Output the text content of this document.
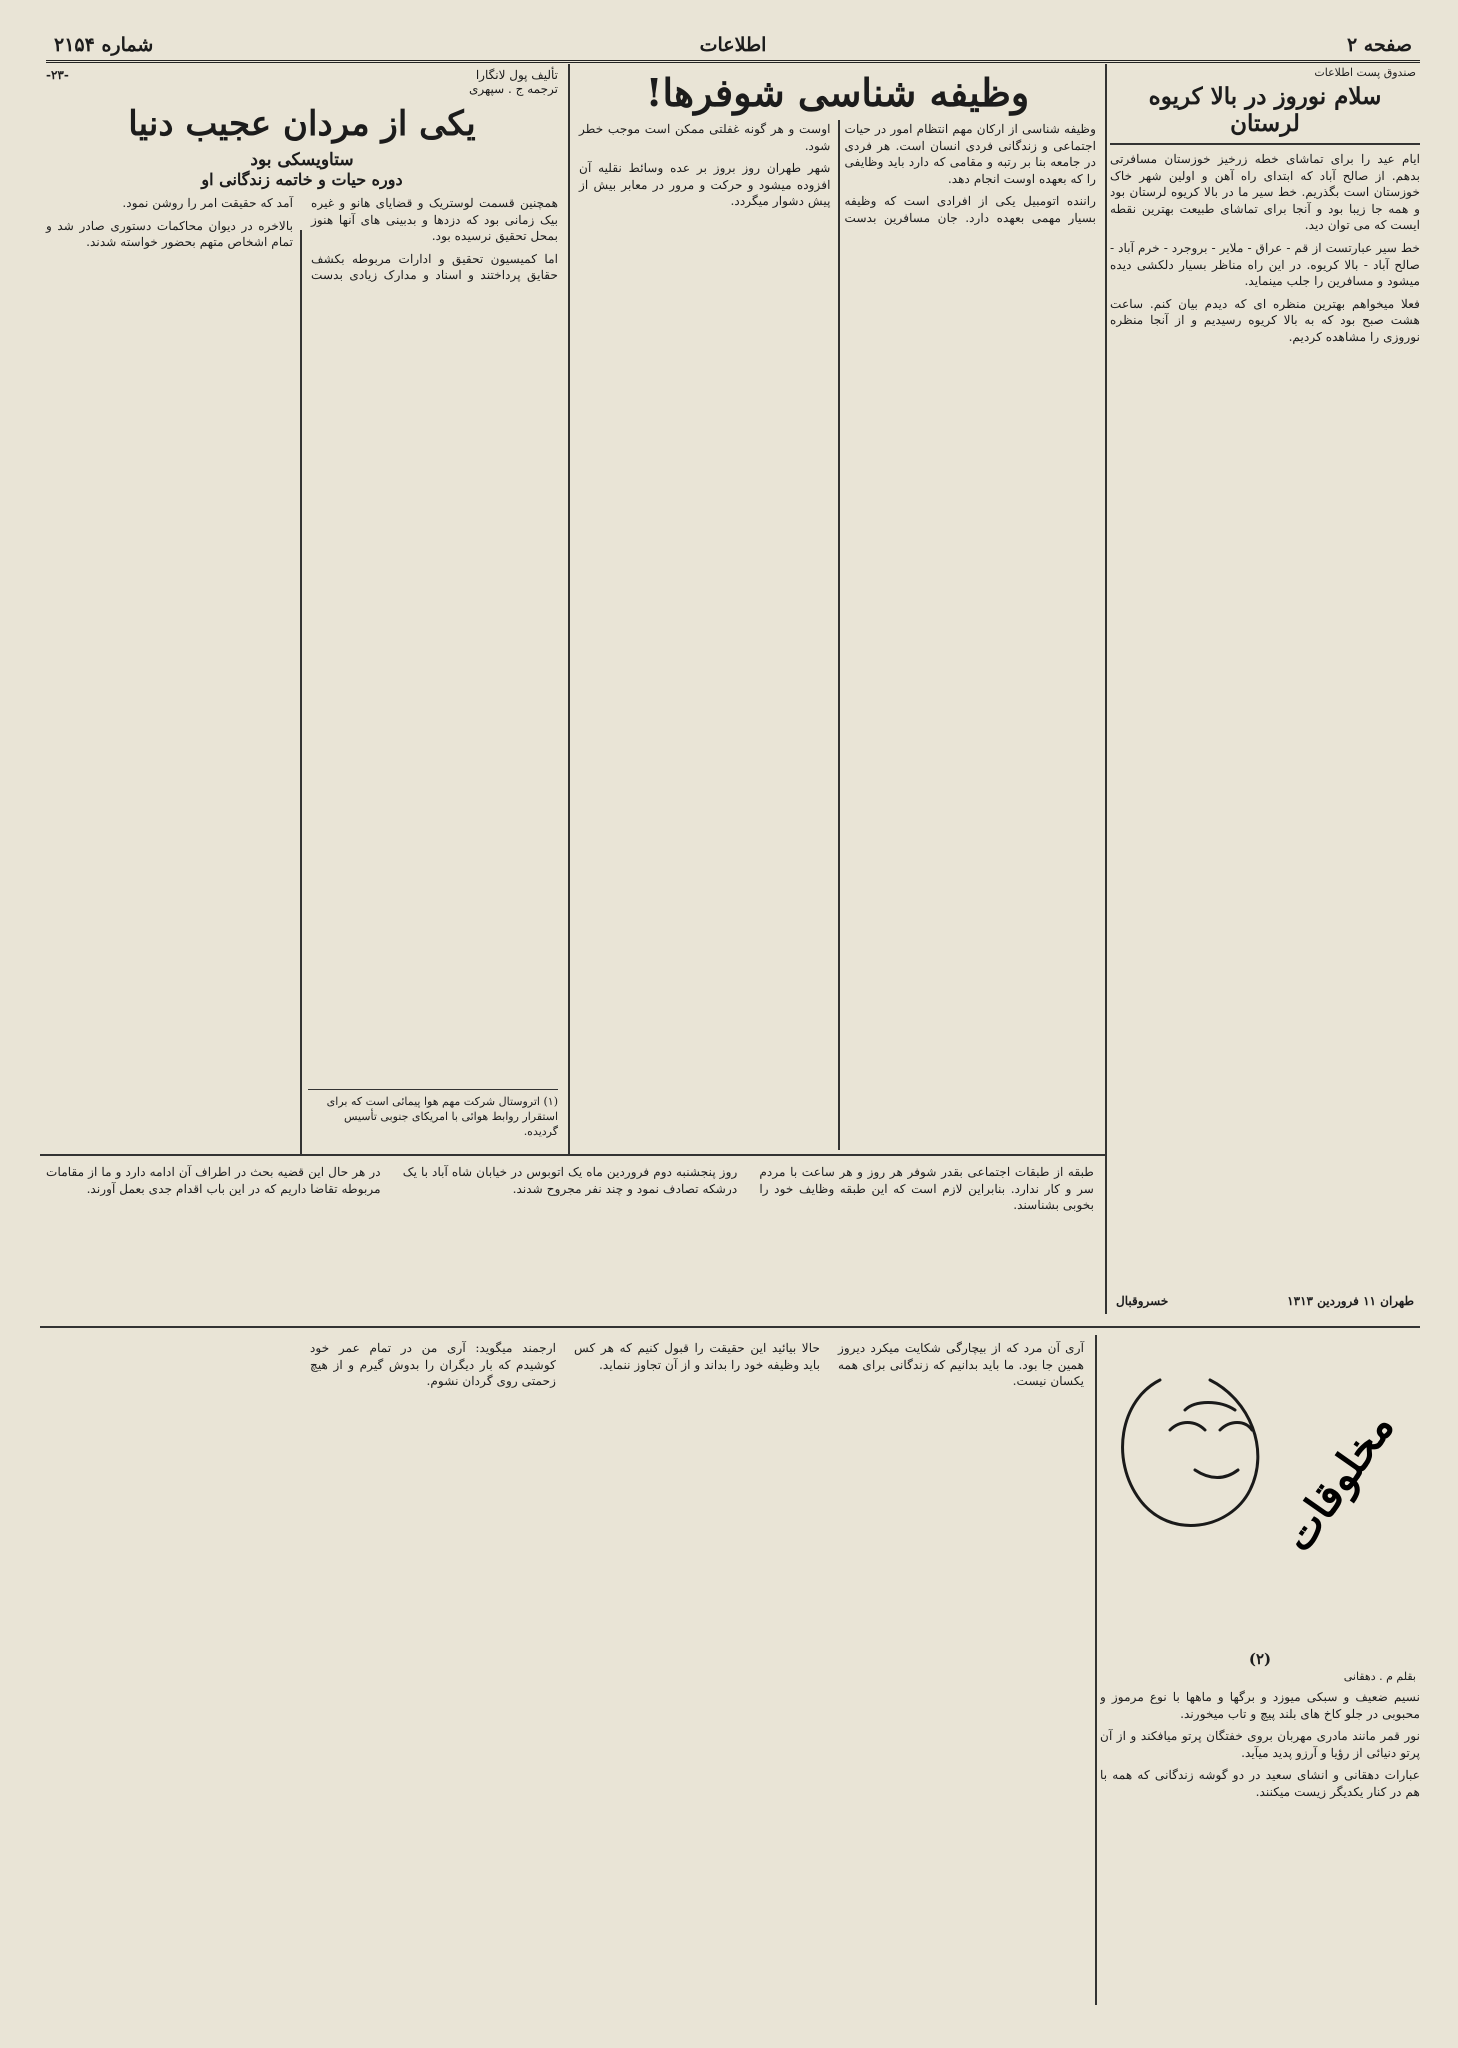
صفحه ۲
اطلاعات
شماره ۲۱۵۴
صندوق پست اطلاعات
سلام نوروز در بالا کریوه لرستان

ایام عید را برای تماشای خطه زرخیز خوزستان مسافرتی بدهم. از صالح آباد که ابتدای راه آهن و اولین شهر خاک خوزستان است بگذریم. خط سیر ما در بالا کریوه لرستان بود و همه جا زیبا بود و آنجا برای تماشای طبیعت بهترین نقطه ایست که می توان دید.

خط سیر عبارتست از قم - عراق - ملایر - بروجرد - خرم آباد - صالح آباد - بالا کریوه. در این راه مناظر بسیار دلکشی دیده میشود و مسافرین را جلب مینماید.

فعلا میخواهم بهترین منظره ای که دیدم بیان کنم. ساعت هشت صبح بود که به بالا کریوه رسیدیم و از آنجا منظره نوروزی را مشاهده کردیم.

طهران ۱۱ فروردین ۱۳۱۳
خسروقبال
وظیفه شناسی شوفرها!

وظیفه شناسی از ارکان مهم انتظام امور در حیات اجتماعی و زندگانی فردی انسان است. هر فردی در جامعه بنا بر رتبه و مقامی که دارد باید وظایفی را که بعهده اوست انجام دهد.

راننده اتومبیل یکی از افرادی است که وظیفه بسیار مهمی بعهده دارد. جان مسافرین بدست اوست و هر گونه غفلتی ممکن است موجب خطر شود.

شهر طهران روز بروز بر عده وسائط نقلیه آن افزوده میشود و حرکت و مرور در معابر بیش از پیش دشوار میگردد.

تألیف پول لانگارا
ترجمه ج . سپهری
-۲۳-
یکی از مردان عجیب دنیا
ستاویسکی بود
دوره حیات و خاتمه زندگانی او

همچنین قسمت لوستریک و قضایای هانو و غیره بیک زمانی بود که دزدها و بدبینی های آنها هنوز بمحل تحقیق نرسیده بود.

اما کمیسیون تحقیق و ادارات مربوطه بکشف حقایق پرداختند و اسناد و مدارک زیادی بدست آمد که حقیقت امر را روشن نمود.

بالاخره در دیوان محاکمات دستوری صادر شد و تمام اشخاص متهم بحضور خواسته شدند.

(۱) اتروستال شرکت مهم هوا پیمائی است که برای استقرار روابط هوائی با امریکای جنوبی تأسیس گردیده.

طبقه از طبقات اجتماعی بقدر شوفر هر روز و هر ساعت با مردم سر و کار ندارد. بنابراین لازم است که این طبقه وظایف خود را بخوبی بشناسند.

روز پنجشنبه دوم فروردین ماه یک اتوبوس در خیابان شاه آباد با یک درشکه تصادف نمود و چند نفر مجروح شدند.

در هر حال این قضیه بحث در اطراف آن ادامه دارد و ما از مقامات مربوطه تقاضا داریم که در این باب اقدام جدی بعمل آورند.

مخلوقات
(۲)
بقلم م . دهقانی

نسیم ضعیف و سبکی میوزد و برگها و ماهها با نوع مرموز و محبوبی در جلو کاخ های بلند پیچ و تاب میخورند.

نور قمر مانند مادری مهربان بروی خفتگان پرتو میافکند و از آن پرتو دنیائی از رؤیا و آرزو پدید میآید.

عبارات دهقانی و انشای سعید در دو گوشه زندگانی که همه با هم در کنار یکدیگر زیست میکنند.

آری آن مرد که از بیچارگی شکایت میکرد دیروز همین جا بود. ما باید بدانیم که زندگانی برای همه یکسان نیست.

حالا بیائید این حقیقت را قبول کنیم که هر کس باید وظیفه خود را بداند و از آن تجاوز ننماید.

ارجمند میگوید: آری من در تمام عمر خود کوشیدم که بار دیگران را بدوش گیرم و از هیچ زحمتی روی گردان نشوم.
